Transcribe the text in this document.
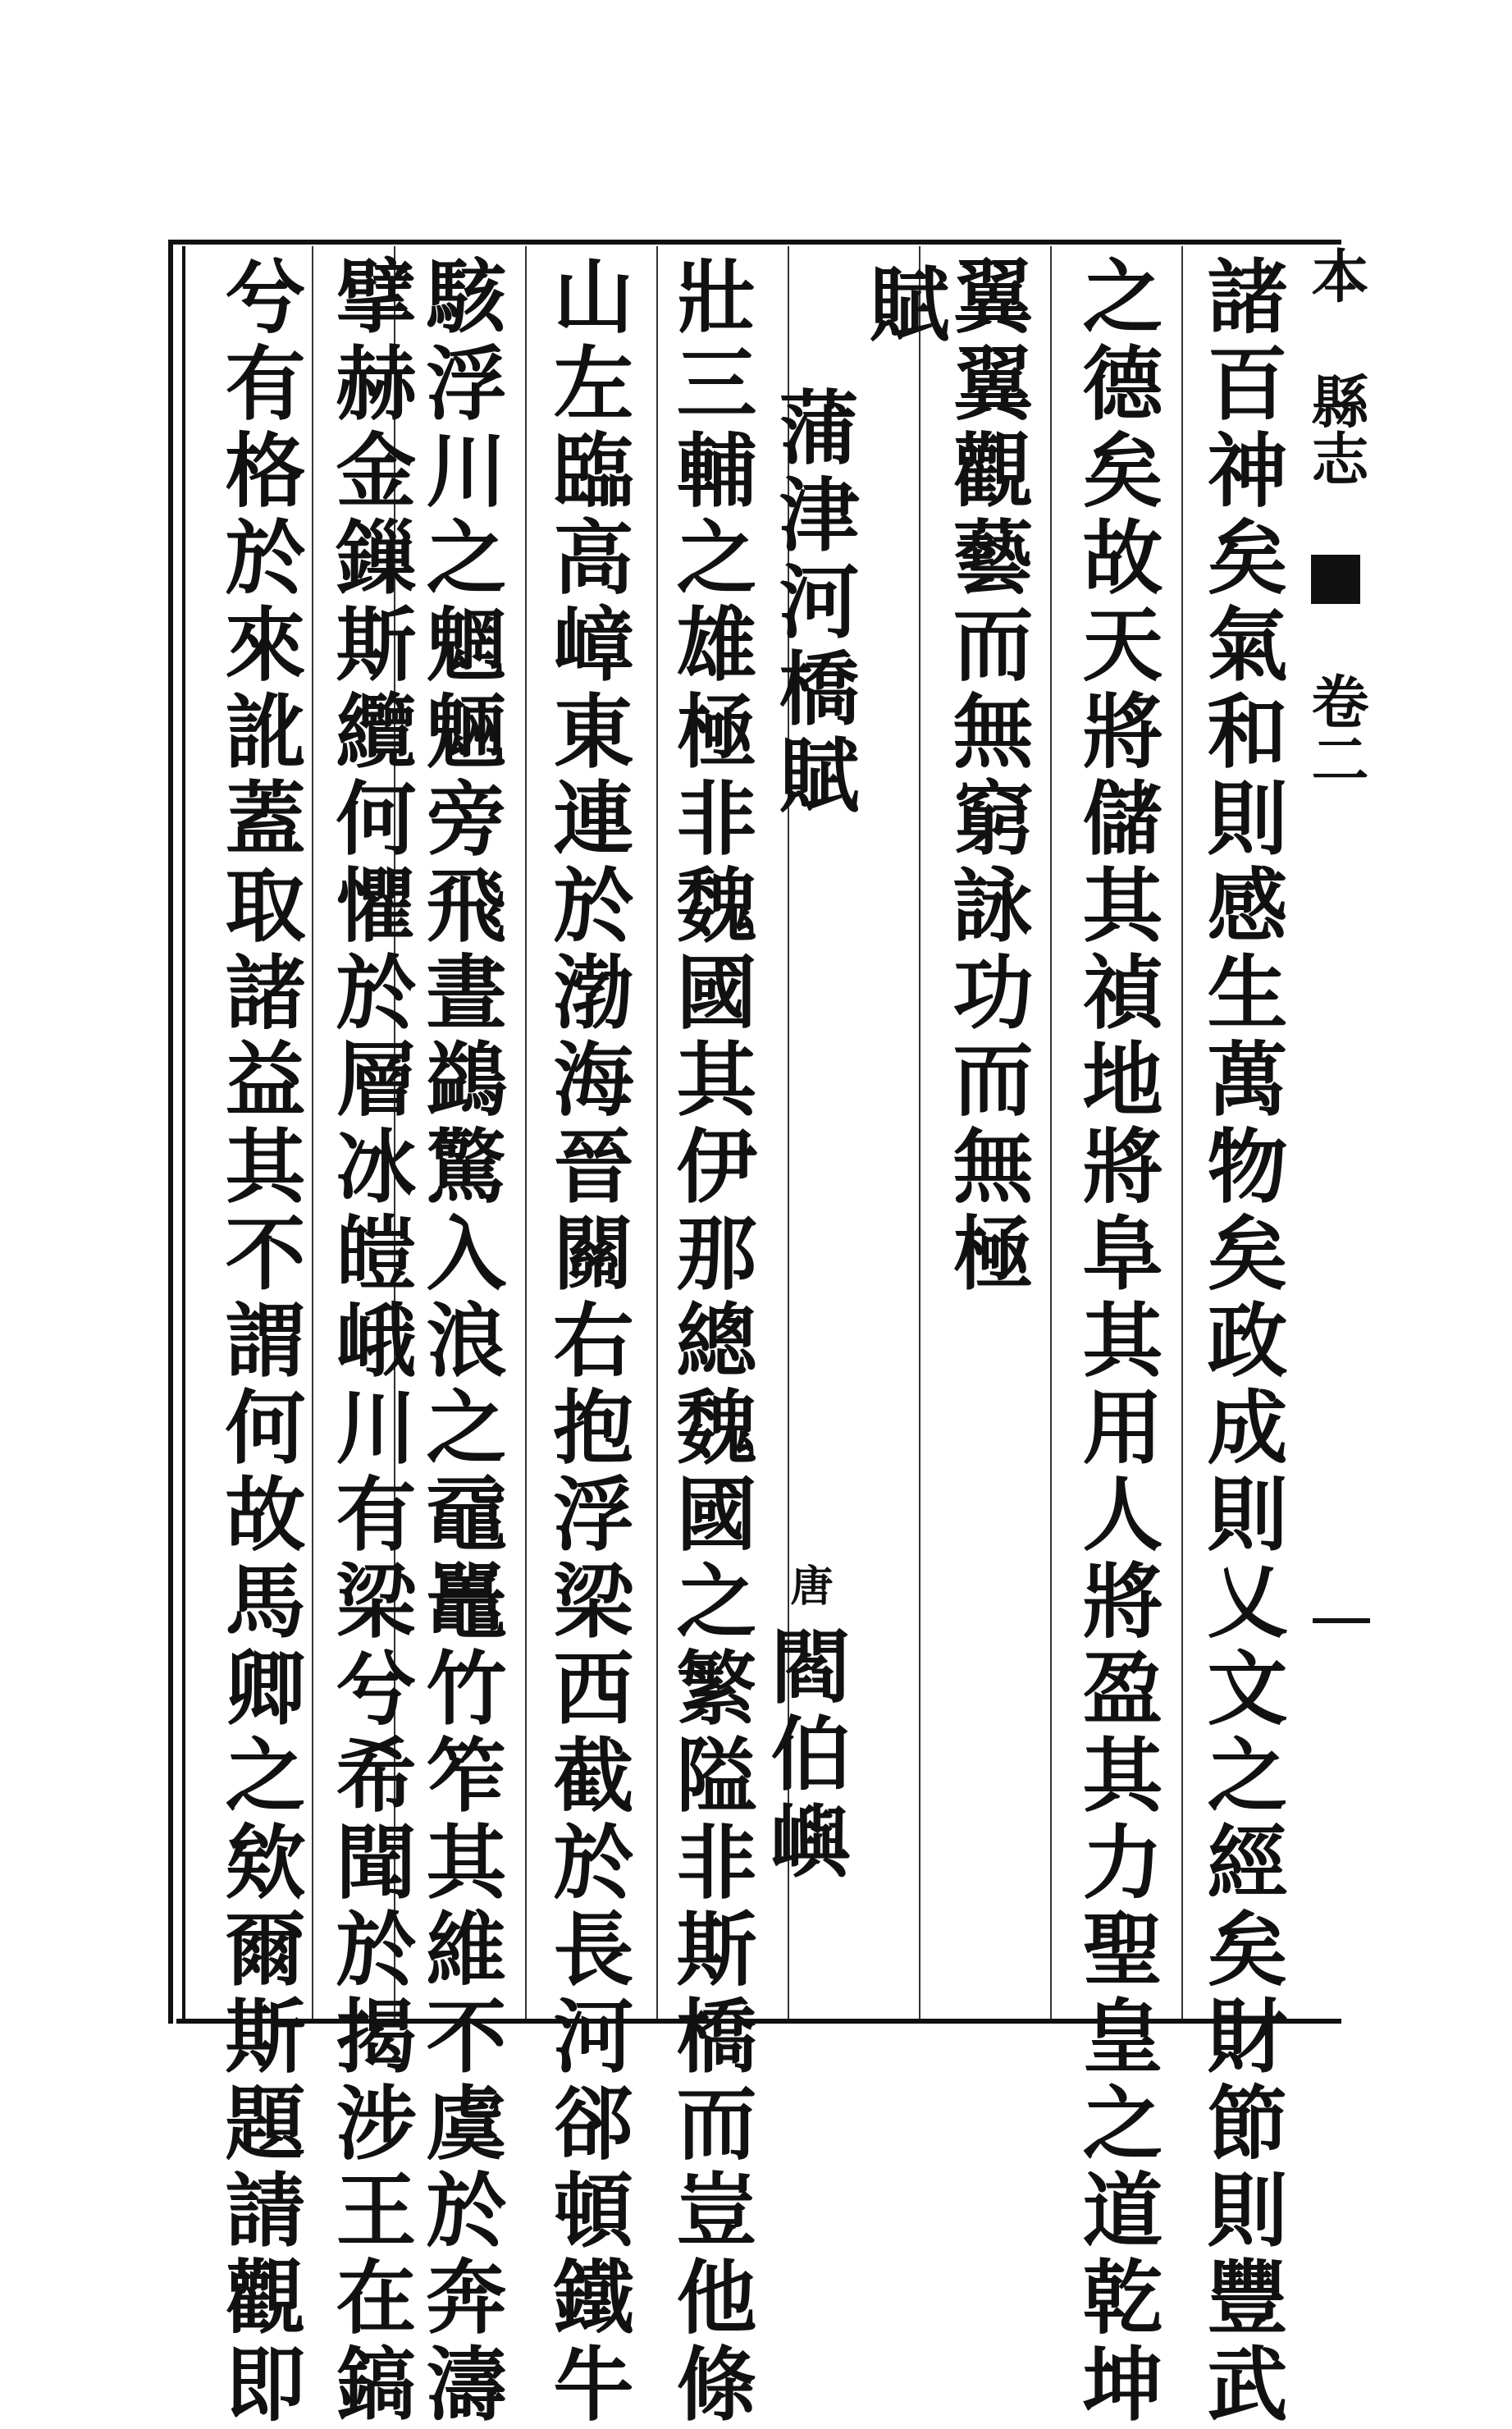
本 縣志  卷二
諸百神矣氣和則感生萬物矣政成則乂文之經矣財節則豐武
之德矣故天將儲其禎地將阜其用人將盈其力聖皇之道乾坤
翼翼觀藝而無窮詠功而無極
賦
蒲津河橋賦
唐
閻伯嶼
壯三輔之雄極非魏國其伊那總魏國之繁隘非斯橋而豈他條
山左臨高嶂東連於渤海晉關右抱浮梁西截於長河郤頓鐵牛
駭浮川之魍魎旁飛晝鷁驚入浪之黿鼉竹笮其維不虞於奔濤
擘赫金鏁斯纜何懼於層冰皚峨川有梁兮希聞於揭涉王在鎬
兮有格於來訛蓋取諸益其不謂何故馬卿之欸爾斯題請觀即
